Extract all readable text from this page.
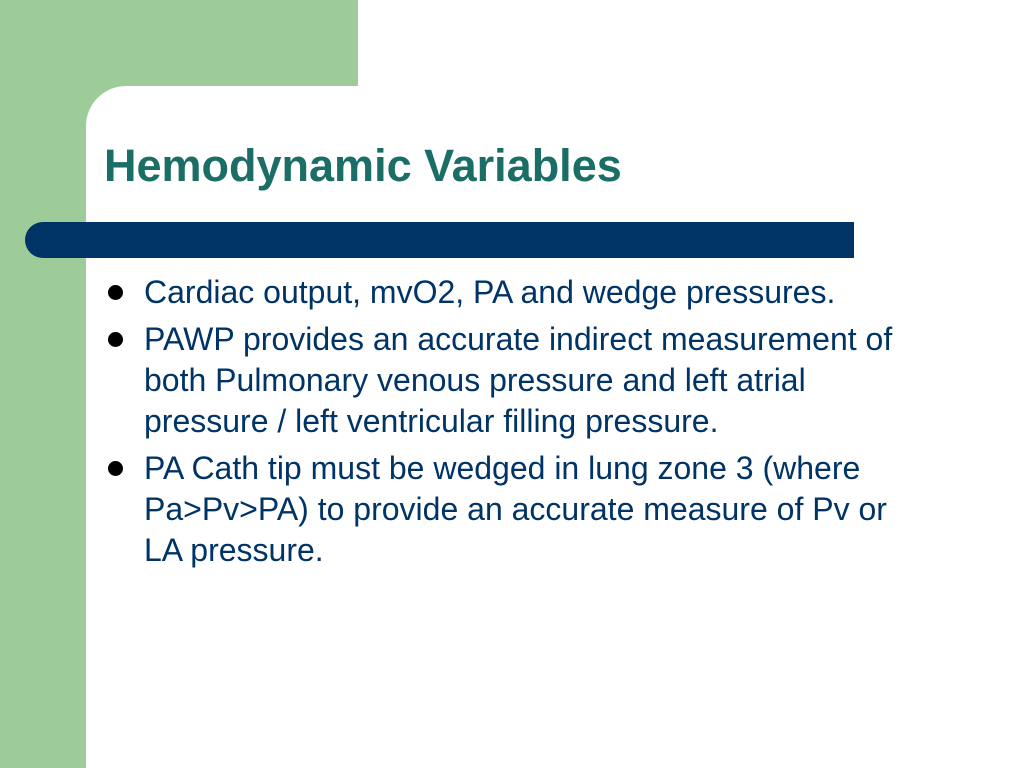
Hemodynamic Variables
Cardiac output, mvO2, PA and wedge pressures.
PAWP provides an accurate indirect measurement of both Pulmonary venous pressure and left atrial pressure / left ventricular filling pressure.
PA Cath tip must be wedged in lung zone 3 (where Pa>Pv>PA) to provide an accurate measure of Pv or LA pressure.
